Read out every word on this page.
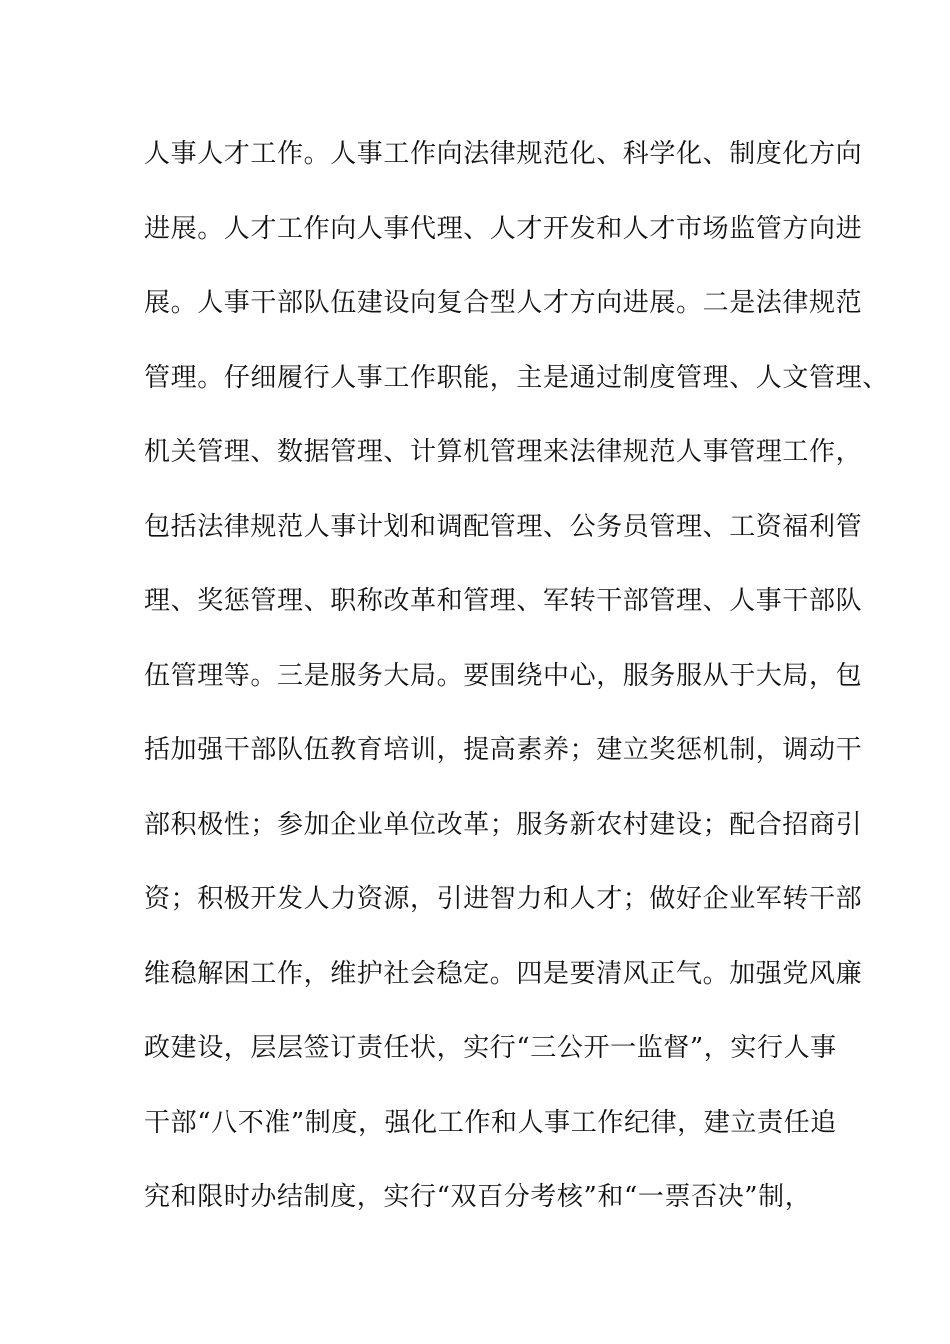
人事人才工作。人事工作向法律规范化、科学化、制度化方向
进展。人才工作向人事代理、人才开发和人才市场监管方向进
展。人事干部队伍建设向复合型人才方向进展。二是法律规范
管理。仔细履行人事工作职能，主是通过制度管理、人文管理、
机关管理、数据管理、计算机管理来法律规范人事管理工作，
包括法律规范人事计划和调配管理、公务员管理、工资福利管
理、奖惩管理、职称改革和管理、军转干部管理、人事干部队
伍管理等。三是服务大局。要围绕中心，服务服从于大局，包
括加强干部队伍教育培训，提高素养；建立奖惩机制，调动干
部积极性；参加企业单位改革；服务新农村建设；配合招商引
资；积极开发人力资源，引进智力和人才；做好企业军转干部
维稳解困工作，维护社会稳定。四是要清风正气。加强党风廉
政建设，层层签订责任状，实行“三公开一监督”，实行人事
干部“八不准”制度，强化工作和人事工作纪律，建立责任追
究和限时办结制度，实行“双百分考核”和“一票否决”制，
